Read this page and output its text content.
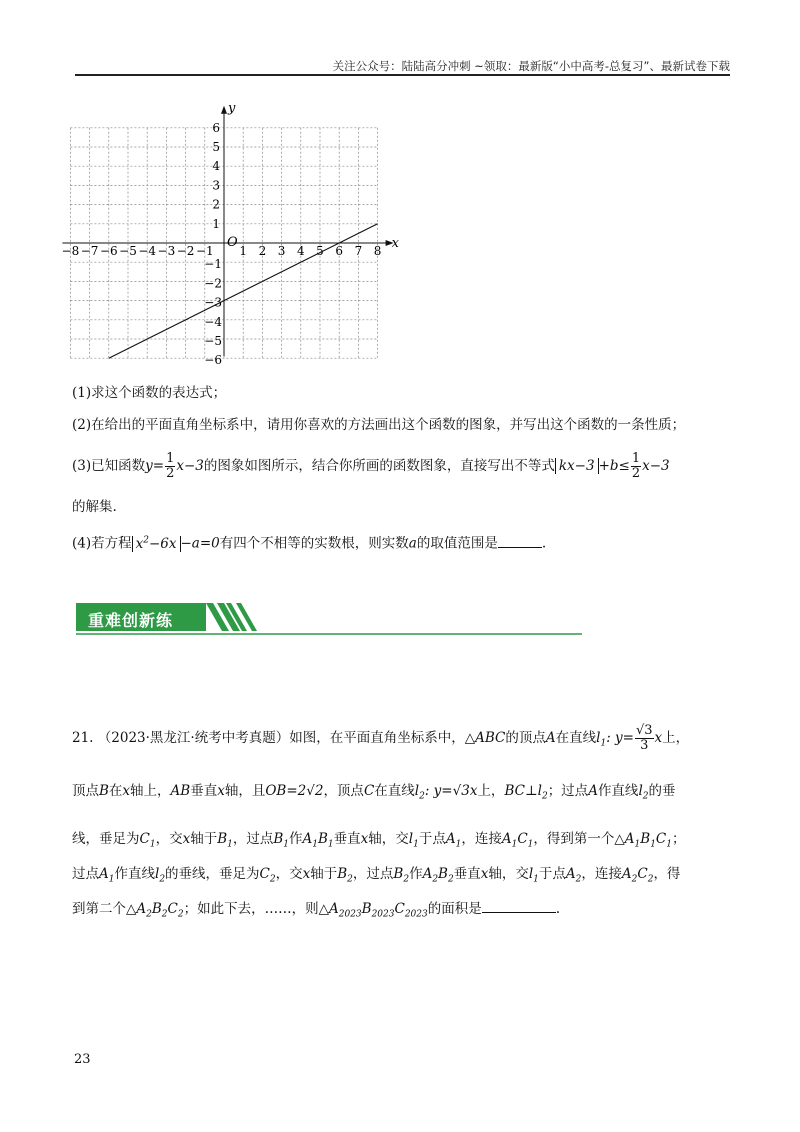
关注公众号：陆陆高分冲刺 ~领取：最新版“小中高考-总复习”、最新试卷下载
−8 −7 −6 −5 −4 −3 −2 −1 1 2 3 4 5 6 7 8
6
5
4
3
2
1
−1
−2
−3
−4
−5
−6
x
y
O
(1)求这个函数的表达式；
(2)在给出的平面直角坐标系中，请用你喜欢的方法画出这个函数的图象，并写出这个函数的一条性质；
(3)已知函数$y= \frac{1}{2} x-3$的图象如图所示，结合你所画的函数图象，直接写出不等式 $kx-3 +b\le \frac{1}{2} x-3$
的解集.
(4)若方程 $x^2-6x -a=0$有四个不相等的实数根，则实数a的取值范围是	.
重难创新练
21. （2023·黑龙江·统考中考真题）如图，在平面直角坐标系中，△ABC的顶点A在直线$l_1$: $y= \frac{√3}{3}$ x上，
顶点B在x轴上，AB垂直x轴，且OB=2√2，顶点C在直线$l_2$: y=√3x上，$BC\perp l_2$；过点A作直线$l_2$的垂
线，垂足为$C_1$，交x轴于$B_1$，过点$B_1$作$A_1B_1$垂直x轴，交$l_1$于点$A_1$，连接$A_1C_1$，得到第一个$\triangle A_1B_1C_1$；
过点$A_1$作直线$l_2$的垂线，垂足为$C_2$，交x轴于$B_2$，过点$B_2$作$A_2B_2$垂直x轴，交$l_1$于点$A_2$，连接$A_2C_2$，得
到第二个$\triangle A_2B_2C_2$；如此下去，……，则$\triangle A_{2023}B_{2023}C_{2023}$的面积是	.
23
